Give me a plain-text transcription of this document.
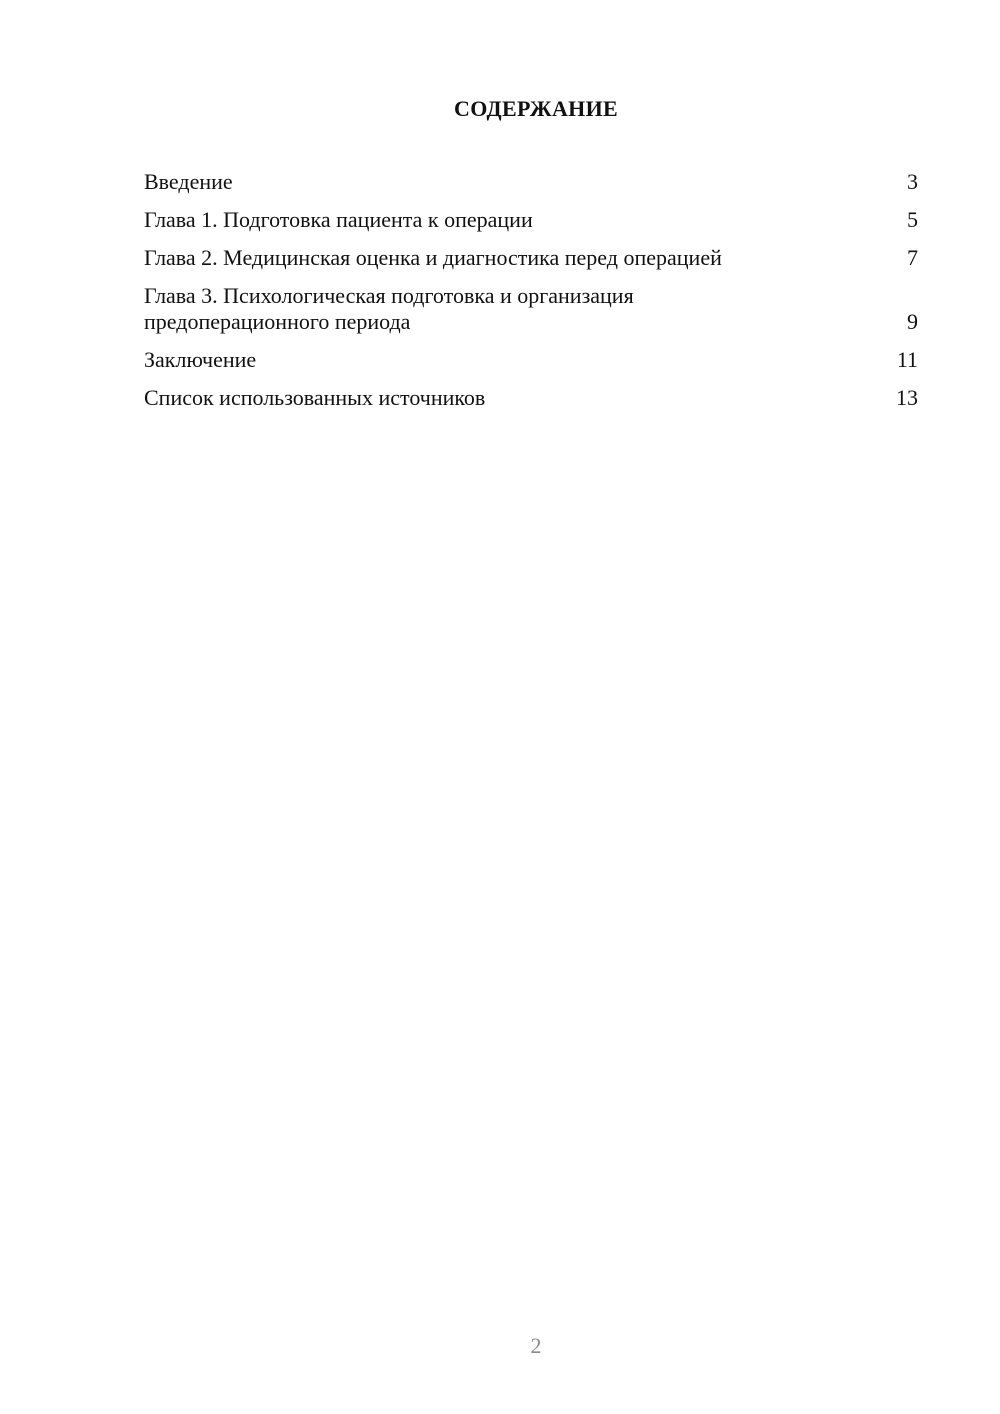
СОДЕРЖАНИЕ
Введение	3
Глава 1. Подготовка пациента к операции	5
Глава 2. Медицинская оценка и диагностика перед операцией	7
Глава 3. Психологическая подготовка и организация
предоперационного периода	9
Заключение	11
Список использованных источников	13
2
